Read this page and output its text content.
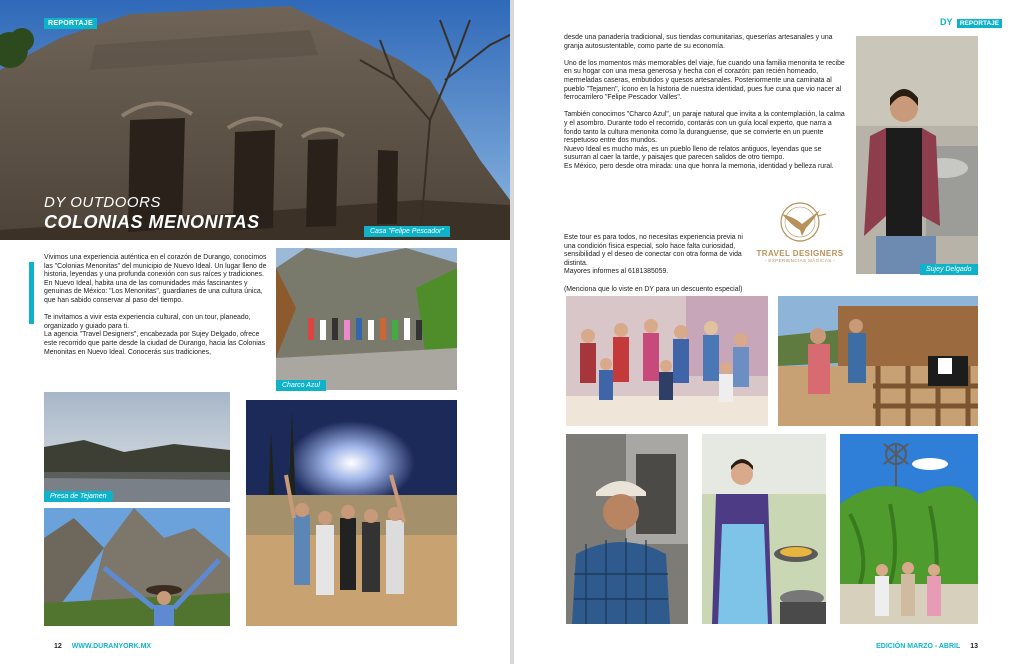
REPORTAJE
DY OUTDOORS
COLONIAS MENONITAS	Casa "Felipe Pescador"

Vivimos una experiencia auténtica en el corazón de Durango, conocimos las "Colonias Menonitas" del municipio de Nuevo Ideal. Un lugar lleno de historia, leyendas y una profunda conexión con sus raíces y tradiciones.

En Nuevo Ideal, habita una de las comunidades más fascinantes y genuinas de México: "Los Menonitas", guardianes de una cultura única, que han sabido conservar al paso del tiempo.

Te invitamos a vivir esta experiencia cultural, con un tour, planeado, organizado y guiado para ti.

La agencia "Travel Designers", encabezada por Sujey Delgado, ofrece este recorrido que parte desde la ciudad de Durango, hacia las Colonias Menonitas en Nuevo Ideal. Conocerás sus tradiciones,

Charco Azul
Presa de Tejamen
12 WWW.DURANYORK.MX
DY REPORTAJE

desde una panadería tradicional, sus tiendas comunitarias, queserías artesanales y una granja autosustentable, como parte de su economía.

Uno de los momentos más memorables del viaje, fue cuando una familia menonita te recibe en su hogar con una mesa generosa y hecha con el corazón: pan recién horneado, mermeladas caseras, embutidos y quesos artesanales. Posteriormente una caminata al pueblo "Tejamen", ícono en la historia de nuestra identidad, pues fue cuna que vio nacer al ferrocarrilero "Felipe Pescador Valles".

También conocimos "Charco Azul", un paraje natural que invita a la contemplación, la calma y el asombro. Durante todo el recorrido, contarás con un guía local experto, que narra a fondo tanto la cultura menonita como la duranguense, que se convierte en un puente respetuoso entre dos mundos.

Nuevo Ideal es mucho más, es un pueblo lleno de relatos antiguos, leyendas que se susurran al caer la tarde, y paisajes que parecen salidos de otro tiempo.

Es México, pero desde otra mirada: una que honra la memoria, identidad y belleza rural.

Este tour es para todos, no necesitas experiencia previa ni una condición física especial, solo hace falta curiosidad, sensibilidad y el deseo de conectar con otra forma de vida distinta.

Mayores informes al 6181385059.

(Menciona que lo viste en DY para un descuento especial)

TRAVEL DESIGNERS
- EXPERIENCIAS MÁGICAS -
Sujey Delgado
EDICIÓN MARZO - ABRIL 13
